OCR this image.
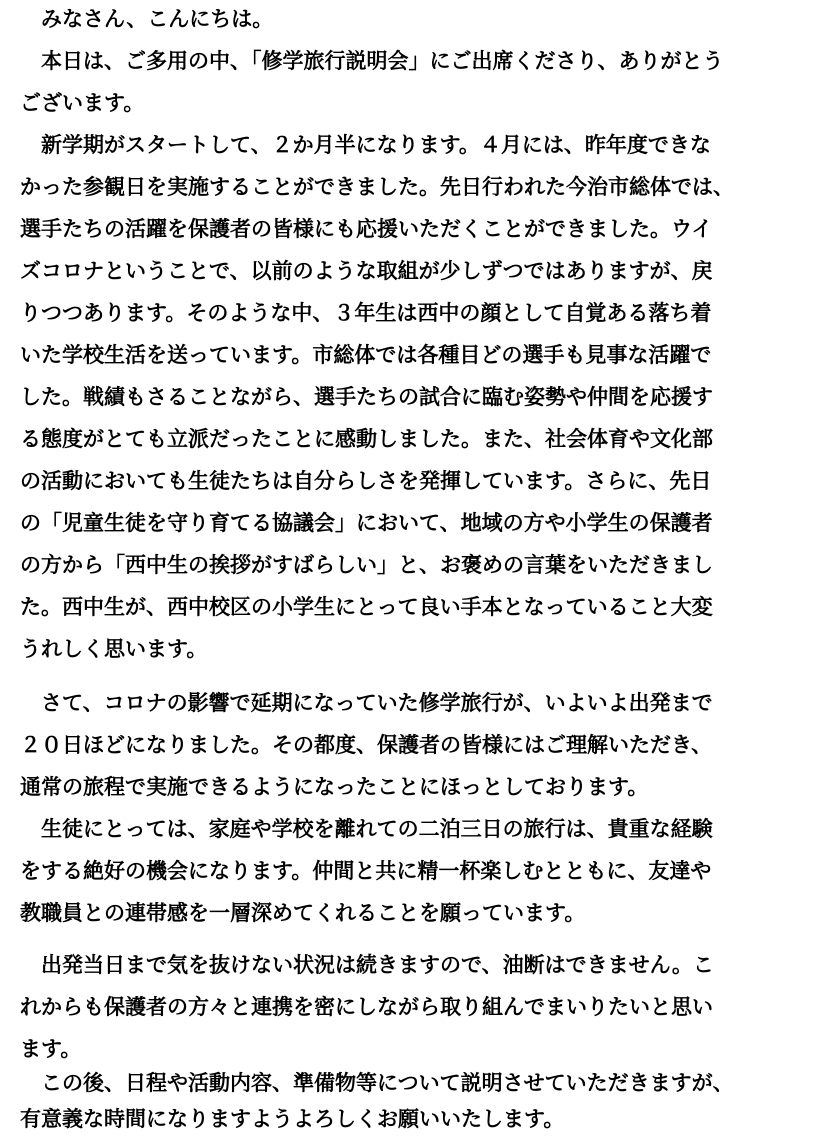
　みなさん、こんにちは。
　本日は、ご多用の中、「修学旅行説明会」にご出席くださり、ありがとう
ございます。
　新学期がスタートして、２か月半になります。４月には、昨年度できな
かった参観日を実施することができました。先日行われた今治市総体では、
選手たちの活躍を保護者の皆様にも応援いただくことができました。ウイ
ズコロナということで、以前のような取組が少しずつではありますが、戻
りつつあります。そのような中、３年生は西中の顔として自覚ある落ち着
いた学校生活を送っています。市総体では各種目どの選手も見事な活躍で
した。戦績もさることながら、選手たちの試合に臨む姿勢や仲間を応援す
る態度がとても立派だったことに感動しました。また、社会体育や文化部
の活動においても生徒たちは自分らしさを発揮しています。さらに、先日
の「児童生徒を守り育てる協議会」において、地域の方や小学生の保護者
の方から「西中生の挨拶がすばらしい」と、お褒めの言葉をいただきまし
た。西中生が、西中校区の小学生にとって良い手本となっていること大変
うれしく思います。
　さて、コロナの影響で延期になっていた修学旅行が、いよいよ出発まで
２０日ほどになりました。その都度、保護者の皆様にはご理解いただき、
通常の旅程で実施できるようになったことにほっとしております。
　生徒にとっては、家庭や学校を離れての二泊三日の旅行は、貴重な経験
をする絶好の機会になります。仲間と共に精一杯楽しむとともに、友達や
教職員との連帯感を一層深めてくれることを願っています。
　出発当日まで気を抜けない状況は続きますので、油断はできません。こ
れからも保護者の方々と連携を密にしながら取り組んでまいりたいと思い
ます。
　この後、日程や活動内容、準備物等について説明させていただきますが、
有意義な時間になりますようよろしくお願いいたします。
